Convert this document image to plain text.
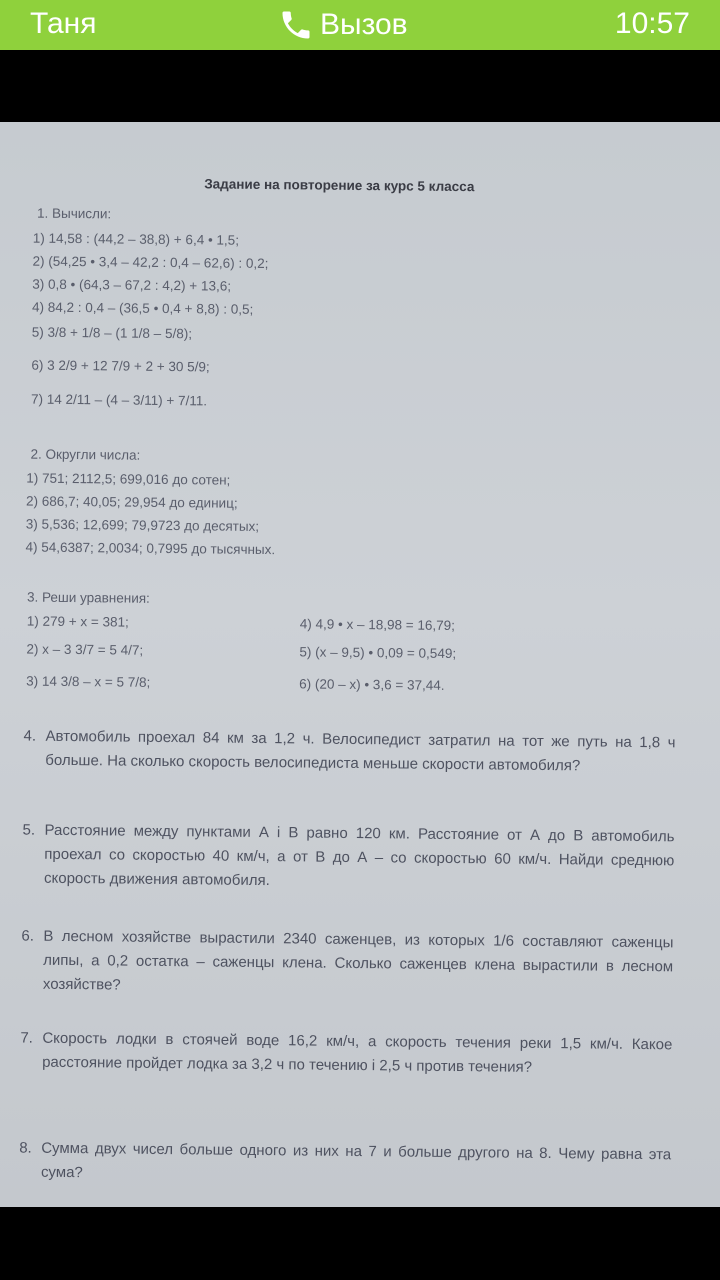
Таня	Вызов	10:57
Задание на повторение за курс 5 класса
1. Вычисли:
1) 14,58 : (44,2 – 38,8) + 6,4 • 1,5;
2) (54,25 • 3,4 – 42,2 : 0,4 – 62,6) : 0,2;
3) 0,8 • (64,3 – 67,2 : 4,2) + 13,6;
4) 84,2 : 0,4 – (36,5 • 0,4 + 8,8) : 0,5;
5) 3/8 + 1/8 – (1 1/8 – 5/8);
6) 3 2/9 + 12 7/9 + 2 + 30 5/9;
7) 14 2/11 – (4 – 3/11) + 7/11.
2. Округли числа:
1) 751; 2112,5; 699,016 до сотен;
2) 686,7; 40,05; 29,954 до единиц;
3) 5,536; 12,699; 79,9723 до десятых;
4) 54,6387; 2,0034; 0,7995 до тысячных.
3. Реши уравнения:
1) 279 + x = 381;
2) x – 3 3/7 = 5 4/7;
3) 14 3/8 – x = 5 7/8;
4) 4,9 • x – 18,98 = 16,79;
5) (x – 9,5) • 0,09 = 0,549;
6) (20 – x) • 3,6 = 37,44.
4. Автомобиль проехал 84 км за 1,2 ч. Велосипедист затратил на тот же путь на 1,8 ч больше. На сколько скорость велосипедиста меньше скорости автомобиля?
5. Расстояние между пунктами А і В равно 120 км. Расстояние от А до В автомобиль проехал со скоростью 40 км/ч, а от В до А – со скоростью 60 км/ч. Найди среднюю скорость движения автомобиля.
6. В лесном хозяйстве вырастили 2340 саженцев, из которых 1/6 составляют саженцы липы, а 0,2 остатка – саженцы клена. Сколько саженцев клена вырастили в лесном хозяйстве?
7. Скорость лодки в стоячей воде 16,2 км/ч, а скорость течения реки 1,5 км/ч. Какое расстояние пройдет лодка за 3,2 ч по течению і 2,5 ч против течения?
8. Сумма двух чисел больше одного из них на 7 и больше другого на 8. Чему равна эта сума?
